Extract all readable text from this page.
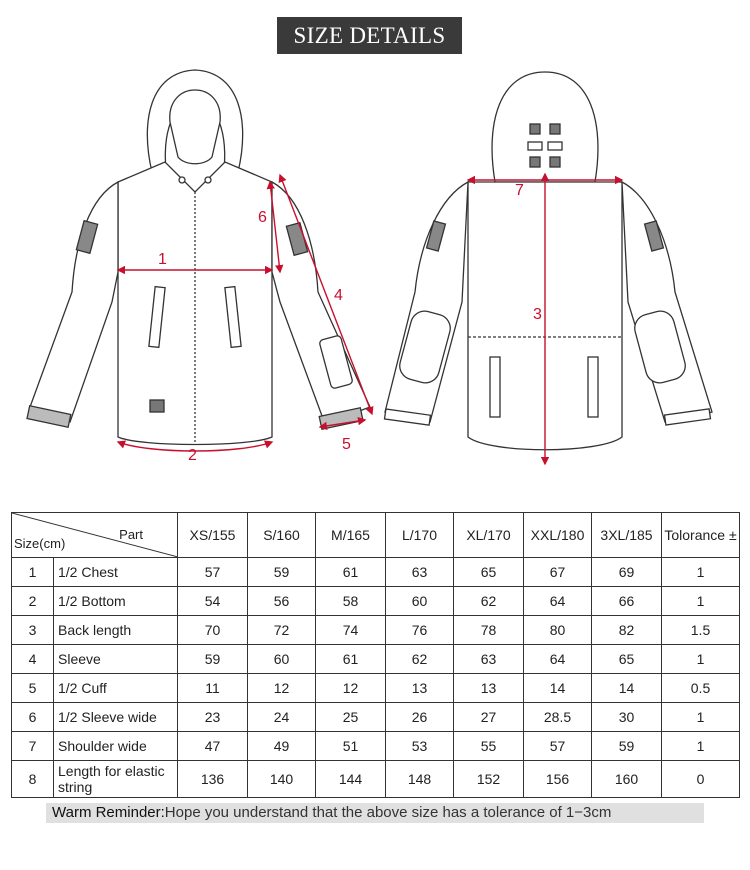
SIZE DETAILS
1
2
3
4
5
6
7
Part
Size(cm)		XS/155	S/160	M/165	L/170	XL/170	XXL/180	3XL/185	Tolorance ±
1	1/2 Chest	57	59	61	63	65	67	69	1
2	1/2 Bottom	54	56	58	60	62	64	66	1
3	Back length	70	72	74	76	78	80	82	1.5
4	Sleeve	59	60	61	62	63	64	65	1
5	1/2 Cuff	11	12	12	13	13	14	14	0.5
6	1/2 Sleeve wide	23	24	25	26	27	28.5	30	1
7	Shoulder wide	47	49	51	53	55	57	59	1
8	Length for elastic string	136	140	144	148	152	156	160	0
Warm Reminder:Hope you understand that the above size has a tolerance of 1−3cm
